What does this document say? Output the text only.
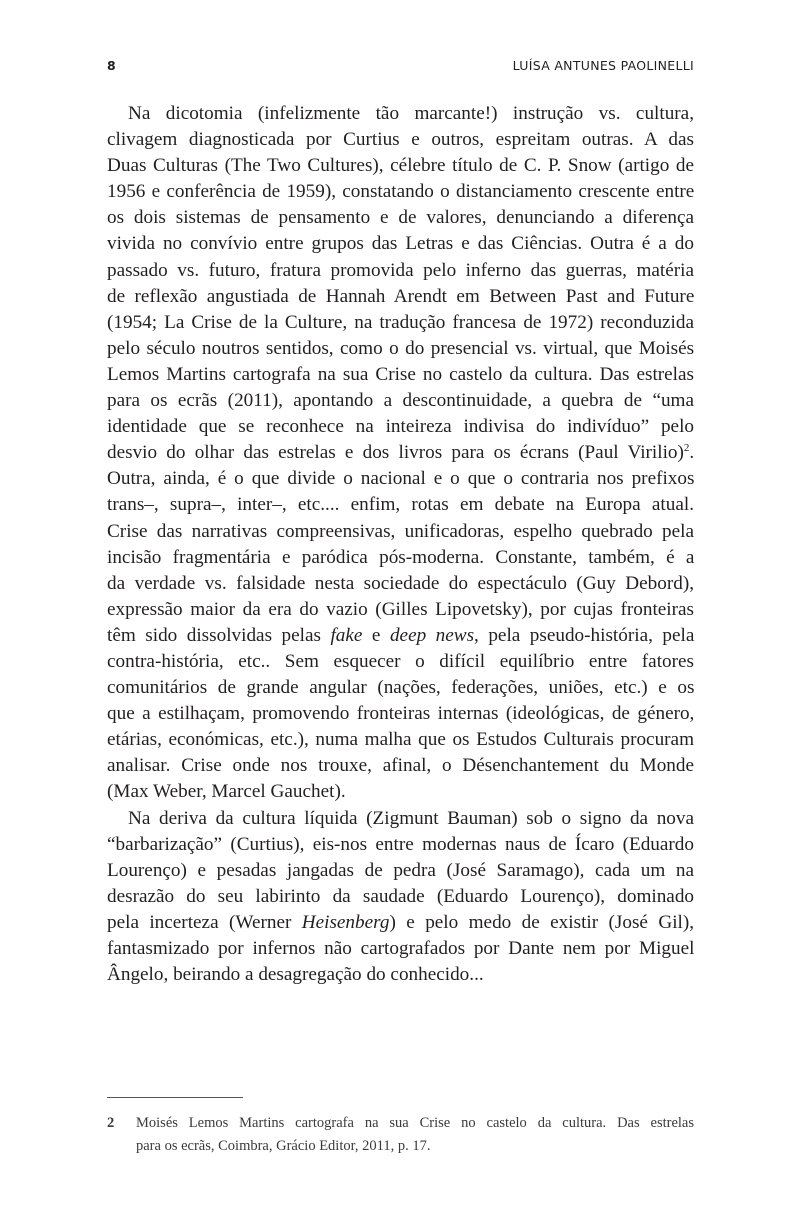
8	LUÍSA ANTUNES PAOLINELLI

Na dicotomia (infelizmente tão marcante!) instrução vs. cultura,
clivagem diagnosticada por Curtius e outros, espreitam outras. A das
Duas Culturas (The Two Cultures), célebre título de C. P. Snow (artigo de
1956 e conferência de 1959), constatando o distanciamento crescente entre
os dois sistemas de pensamento e de valores, denunciando a diferença
vivida no convívio entre grupos das Letras e das Ciências. Outra é a do
passado vs. futuro, fratura promovida pelo inferno das guerras, matéria
de reflexão angustiada de Hannah Arendt em Between Past and Future
(1954; La Crise de la Culture, na tradução francesa de 1972) reconduzida
pelo século noutros sentidos, como o do presencial vs. virtual, que Moisés
Lemos Martins cartografa na sua Crise no castelo da cultura. Das estrelas
para os ecrãs (2011), apontando a descontinuidade, a quebra de “uma
identidade que se reconhece na inteireza indivisa do indivíduo” pelo
desvio do olhar das estrelas e dos livros para os écrans (Paul Virilio)$^2$.
Outra, ainda, é o que divide o nacional e o que o contraria nos prefixos
trans–, supra–, inter–, etc.... enfim, rotas em debate na Europa atual.
Crise das narrativas compreensivas, unificadoras, espelho quebrado pela
incisão fragmentária e paródica pós-moderna. Constante, também, é a
da verdade vs. falsidade nesta sociedade do espectáculo (Guy Debord),
expressão maior da era do vazio (Gilles Lipovetsky), por cujas fronteiras
têm sido dissolvidas pelas fake e deep news, pela pseudo-história, pela
contra-história, etc.. Sem esquecer o difícil equilíbrio entre fatores
comunitários de grande angular (nações, federações, uniões, etc.) e os
que a estilhaçam, promovendo fronteiras internas (ideológicas, de género,
etárias, económicas, etc.), numa malha que os Estudos Culturais procuram
analisar. Crise onde nos trouxe, afinal, o Désenchantement du Monde
(Max Weber, Marcel Gauchet).

Na deriva da cultura líquida (Zigmunt Bauman) sob o signo da nova
“barbarização” (Curtius), eis-nos entre modernas naus de Ícaro (Eduardo
Lourenço) e pesadas jangadas de pedra (José Saramago), cada um na
desrazão do seu labirinto da saudade (Eduardo Lourenço), dominado
pela incerteza (Werner Heisenberg) e pelo medo de existir (José Gil),
fantasmizado por infernos não cartografados por Dante nem por Miguel
Ângelo, beirando a desagregação do conhecido...

2 Moisés Lemos Martins cartografa na sua Crise no castelo da cultura. Das estrelas
para os ecrãs, Coimbra, Grácio Editor, 2011, p. 17.
